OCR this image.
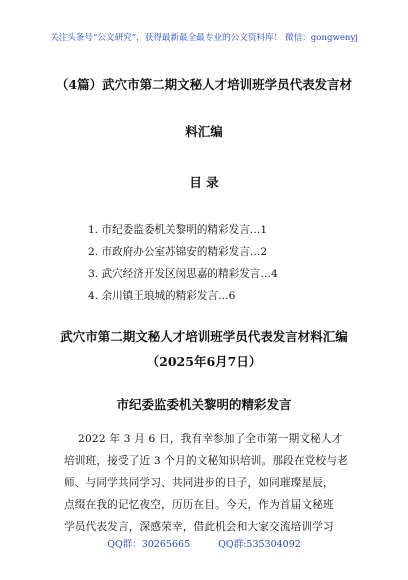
关注头条号“公文研究”，获得最新最全最专业的公文资料库！ 微信：gongwenyj
（4篇）武穴市第二期文秘人才培训班学员代表发言材
料汇编
目 录
1. 市纪委监委机关黎明的精彩发言…1
2. 市政府办公室苏锦安的精彩发言…2
3. 武穴经济开发区闵思嘉的精彩发言…4
4. 余川镇王琅城的精彩发言…6
武穴市第二期文秘人才培训班学员代表发言材料汇编
（2025年6月7日）
市纪委监委机关黎明的精彩发言
2022 年 3 月 6 日，我有幸参加了全市第一期文秘人才
培训班，接受了近 3 个月的文秘知识培训。那段在党校与老
师、与同学共同学习、共同进步的日子，如同璀璨星辰，
点缀在我的记忆夜空，历历在目。今天，作为首届文秘班
学员代表发言，深感荣幸，借此机会和大家交流培训学习
QQ群：30265665	QQ群:535304092
